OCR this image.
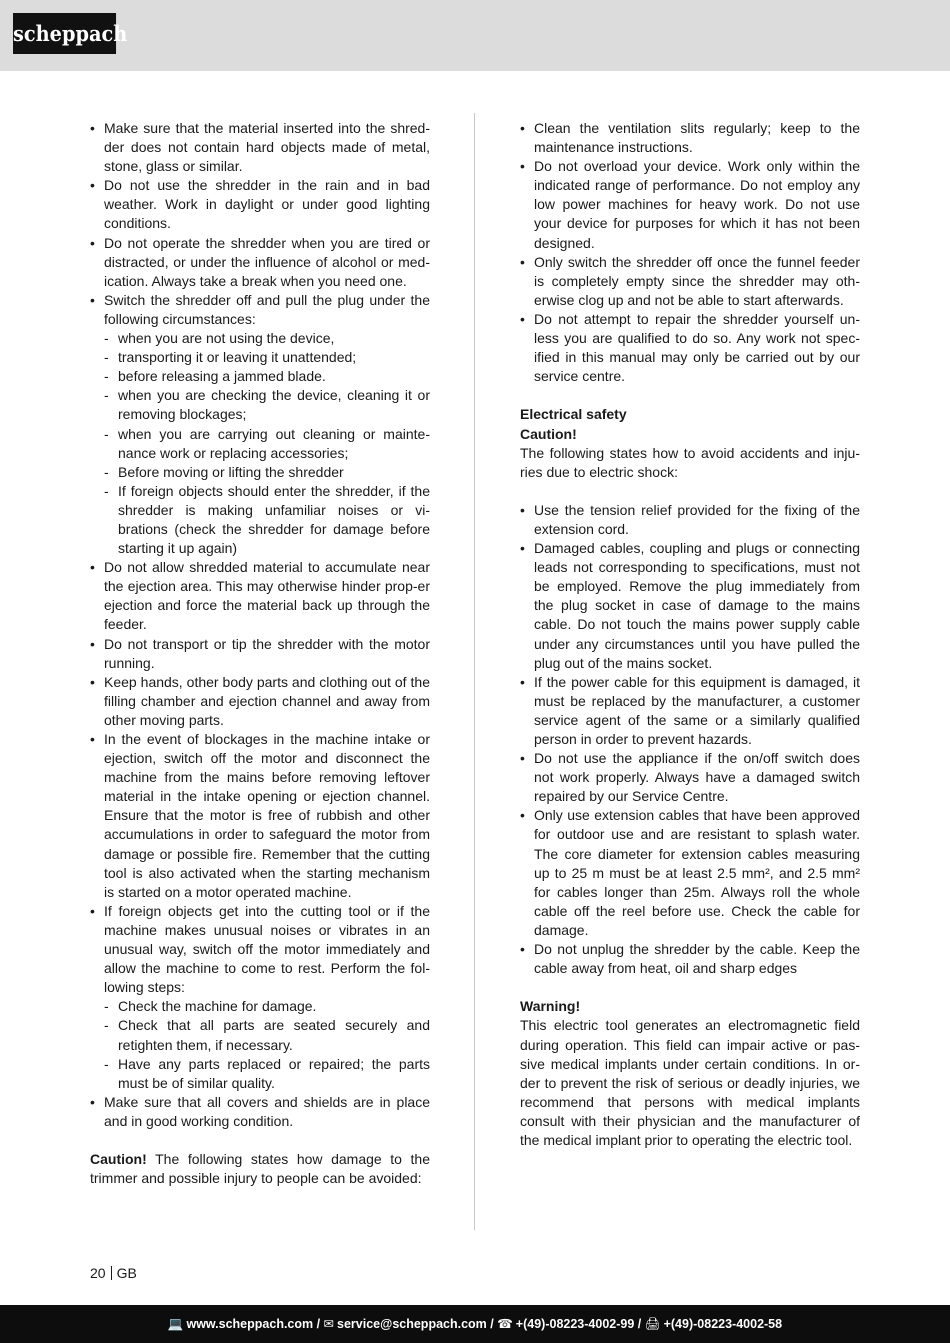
scheppach
• Make sure that the material inserted into the shred-der does not contain hard objects made of metal, stone, glass or similar.
• Do not use the shredder in the rain and in bad weather. Work in daylight or under good lighting conditions.
• Do not operate the shredder when you are tired or distracted, or under the influence of alcohol or med-ication. Always take a break when you need one.
• Switch the shredder off and pull the plug under the following circumstances:
- when you are not using the device,
- transporting it or leaving it unattended;
- before releasing a jammed blade.
- when you are checking the device, cleaning it or removing blockages;
- when you are carrying out cleaning or mainte-nance work or replacing accessories;
- Before moving or lifting the shredder
- If foreign objects should enter the shredder, if the shredder is making unfamiliar noises or vi-brations (check the shredder for damage before starting it up again)
• Do not allow shredded material to accumulate near the ejection area. This may otherwise hinder prop-er ejection and force the material back up through the feeder.
• Do not transport or tip the shredder with the motor running.
• Keep hands, other body parts and clothing out of the filling chamber and ejection channel and away from other moving parts.
• In the event of blockages in the machine intake or ejection, switch off the motor and disconnect the machine from the mains before removing leftover material in the intake opening or ejection channel. Ensure that the motor is free of rubbish and other accumulations in order to safeguard the motor from damage or possible fire. Remember that the cutting tool is also activated when the starting mechanism is started on a motor operated machine.
• If foreign objects get into the cutting tool or if the machine makes unusual noises or vibrates in an unusual way, switch off the motor immediately and allow the machine to come to rest. Perform the fol-lowing steps:
- Check the machine for damage.
- Check that all parts are seated securely and retighten them, if necessary.
- Have any parts replaced or repaired; the parts must be of similar quality.
• Make sure that all covers and shields are in place and in good working condition.

Caution! The following states how damage to the trimmer and possible injury to people can be avoided:

• Clean the ventilation slits regularly; keep to the maintenance instructions.
• Do not overload your device. Work only within the indicated range of performance. Do not employ any low power machines for heavy work. Do not use your device for purposes for which it has not been designed.
• Only switch the shredder off once the funnel feeder is completely empty since the shredder may oth-erwise clog up and not be able to start afterwards.
• Do not attempt to repair the shredder yourself un-less you are qualified to do so. Any work not spec-ified in this manual may only be carried out by our service centre.

Electrical safety

Caution!

The following states how to avoid accidents and inju-ries due to electric shock:

• Use the tension relief provided for the fixing of the extension cord.
• Damaged cables, coupling and plugs or connecting leads not corresponding to specifications, must not be employed. Remove the plug immediately from the plug socket in case of damage to the mains cable. Do not touch the mains power supply cable under any circumstances until you have pulled the plug out of the mains socket.
• If the power cable for this equipment is damaged, it must be replaced by the manufacturer, a customer service agent of the same or a similarly qualified person in order to prevent hazards.
• Do not use the appliance if the on/off switch does not work properly. Always have a damaged switch repaired by our Service Centre.
• Only use extension cables that have been approved for outdoor use and are resistant to splash water. The core diameter for extension cables measuring up to 25 m must be at least 2.5 mm², and 2.5 mm² for cables longer than 25m. Always roll the whole cable off the reel before use. Check the cable for damage.
• Do not unplug the shredder by the cable. Keep the cable away from heat, oil and sharp edges

Warning!

This electric tool generates an electromagnetic field during operation. This field can impair active or pas-sive medical implants under certain conditions. In or-der to prevent the risk of serious or deadly injuries, we recommend that persons with medical implants consult with their physician and the manufacturer of the medical implant prior to operating the electric tool.

20 GB
💻 www.scheppach.com / ✉ service@scheppach.com / ☎ +(49)-08223-4002-99 / 🖨 +(49)-08223-4002-58
